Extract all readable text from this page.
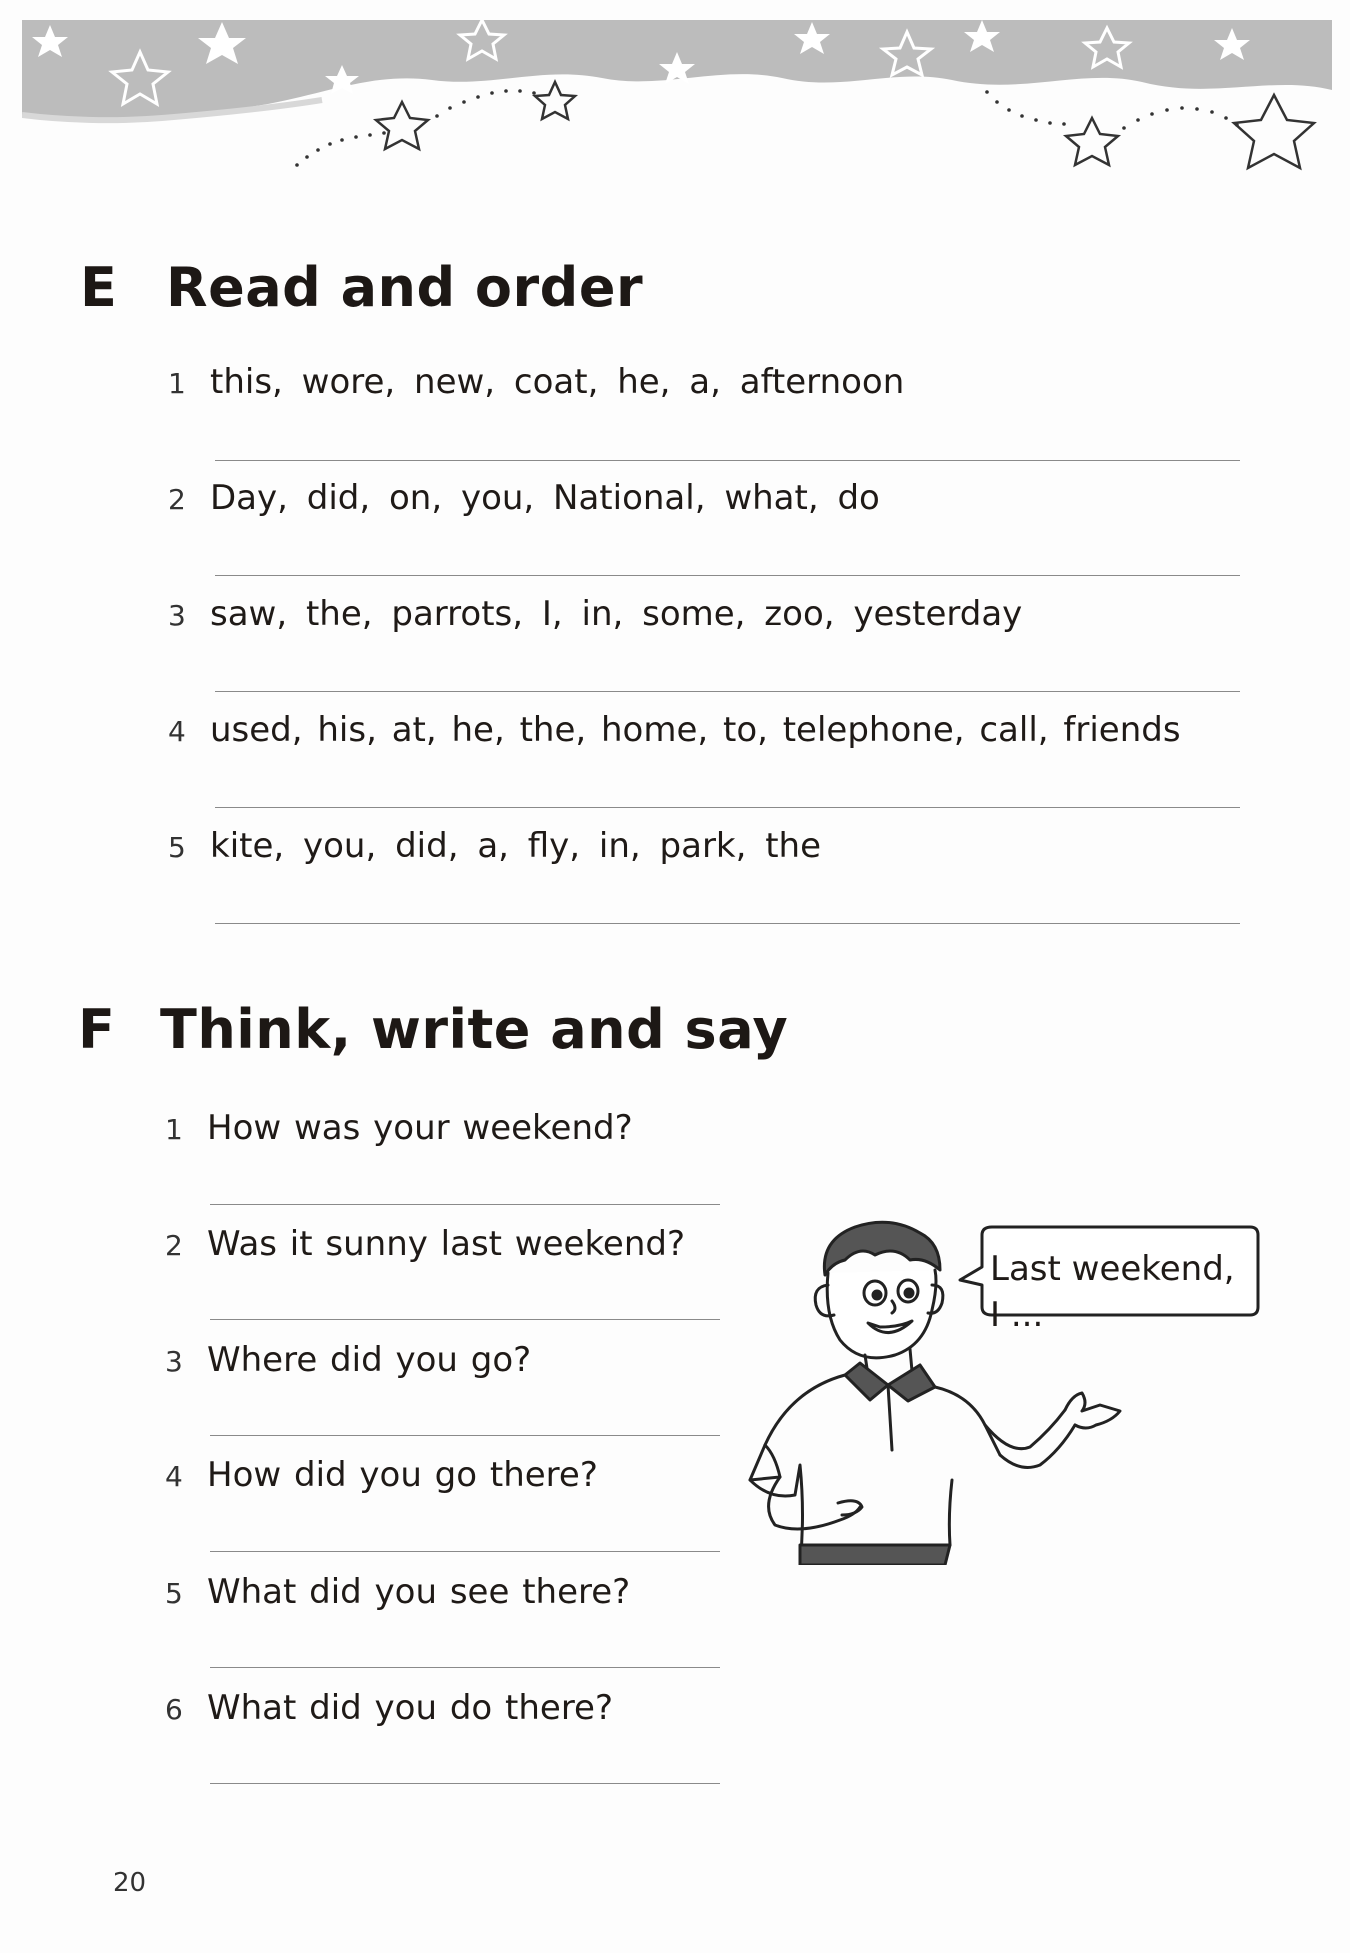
E Read and order
1 this, wore, new, coat, he, a, afternoon
2 Day, did, on, you, National, what, do
3 saw, the, parrots, I, in, some, zoo, yesterday
4 used, his, at, he, the, home, to, telephone, call, friends
5 kite, you, did, a, fly, in, park, the
F Think, write and say
1 How was your weekend?
2 Was it sunny last weekend?
3 Where did you go?
4 How did you go there?
5 What did you see there?
6 What did you do there?
Last weekend,
I ...
20
